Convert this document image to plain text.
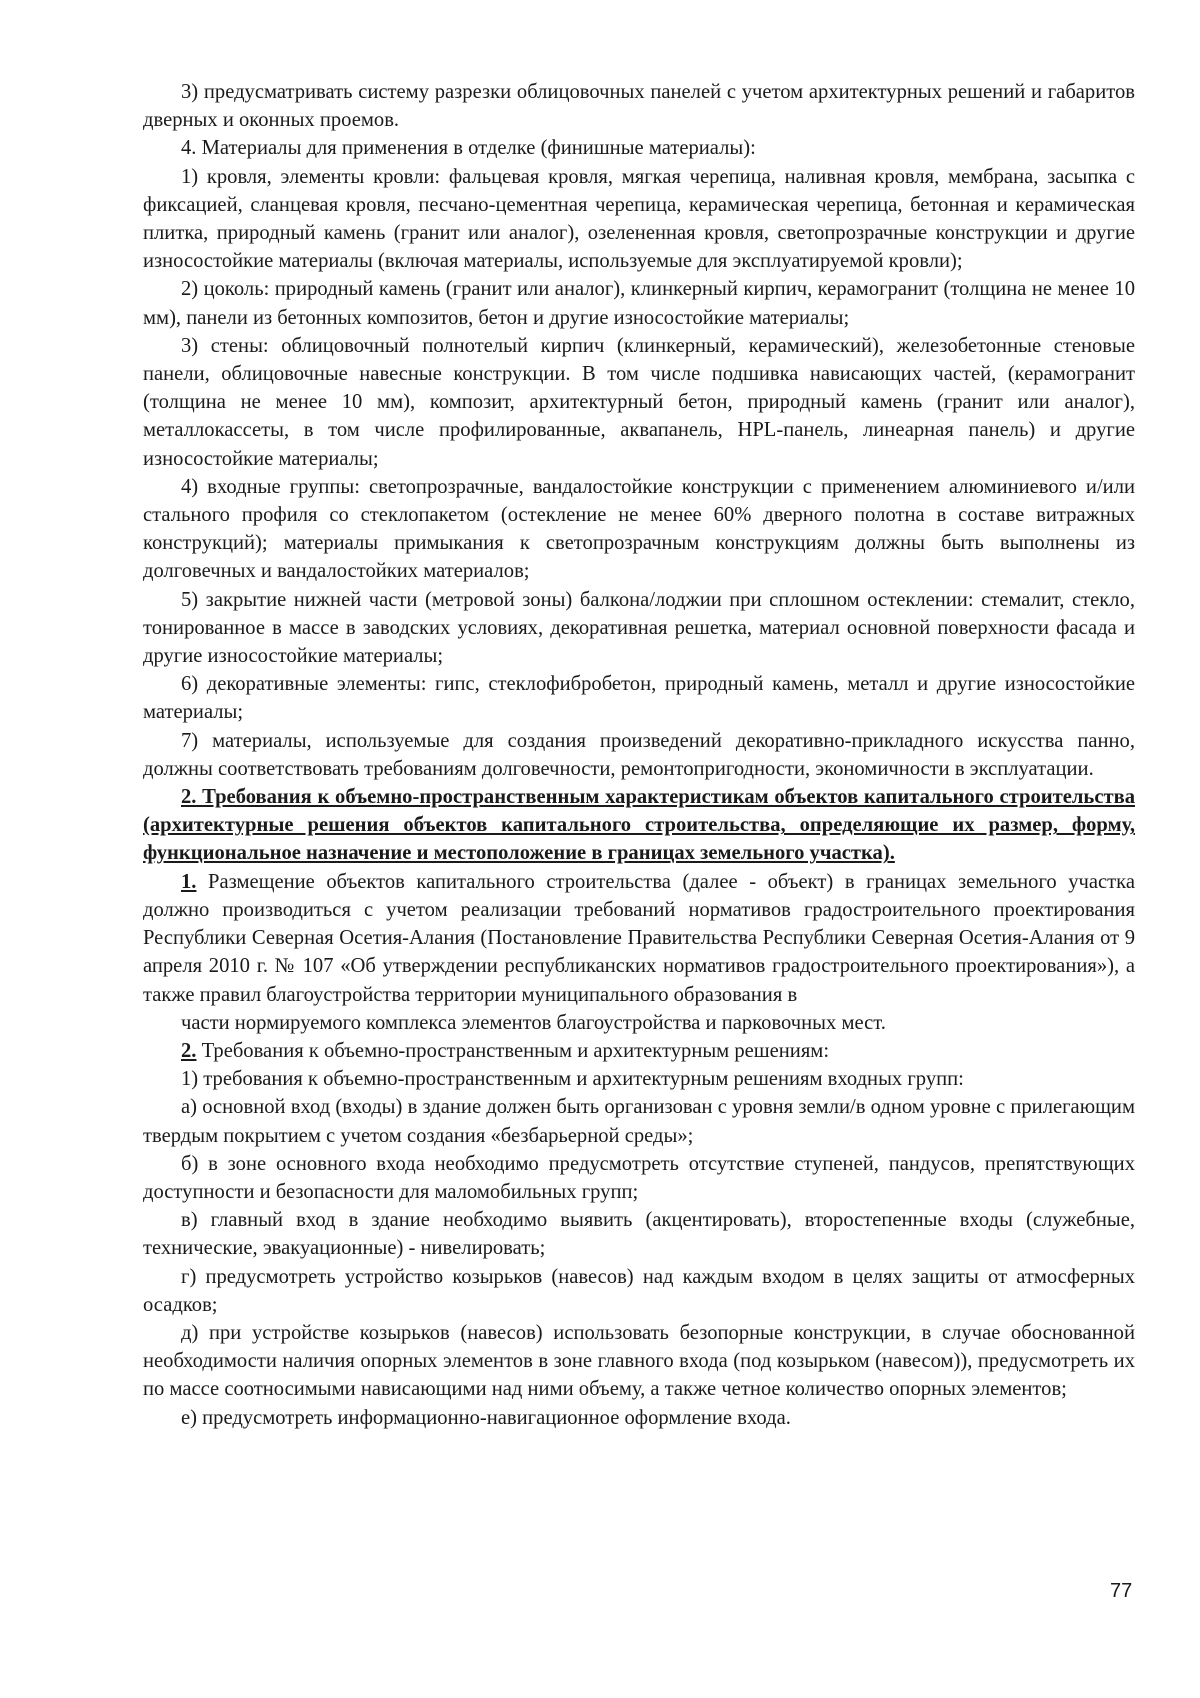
3) предусматривать систему разрезки облицовочных панелей с учетом архитектурных решений и габаритов дверных и оконных проемов.

4. Материалы для применения в отделке (финишные материалы):

1) кровля, элементы кровли: фальцевая кровля, мягкая черепица, наливная кровля, мембрана, засыпка с фиксацией, сланцевая кровля, песчано-цементная черепица, керамическая черепица, бетонная и керамическая плитка, природный камень (гранит или аналог), озелененная кровля, светопрозрачные конструкции и другие износостойкие материалы (включая материалы, используемые для эксплуатируемой кровли);

2) цоколь: природный камень (гранит или аналог), клинкерный кирпич, керамогранит (толщина не менее 10 мм), панели из бетонных композитов, бетон и другие износостойкие материалы;

3) стены: облицовочный полнотелый кирпич (клинкерный, керамический), железобетонные стеновые панели, облицовочные навесные конструкции. В том числе подшивка нависающих частей, (керамогранит (толщина не менее 10 мм), композит, архитектурный бетон, природный камень (гранит или аналог), металлокассеты, в том числе профилированные, аквапанель, HPL-панель, линеарная панель) и другие износостойкие материалы;

4) входные группы: светопрозрачные, вандалостойкие конструкции с применением алюминиевого и/или стального профиля со стеклопакетом (остекление не менее 60% дверного полотна в составе витражных конструкций); материалы примыкания к светопрозрачным конструкциям должны быть выполнены из долговечных и вандалостойких материалов;

5) закрытие нижней части (метровой зоны) балкона/лоджии при сплошном остеклении: стемалит, стекло, тонированное в массе в заводских условиях, декоративная решетка, материал основной поверхности фасада и другие износостойкие материалы;

6) декоративные элементы: гипс, стеклофибробетон, природный камень, металл и другие износостойкие материалы;

7) материалы, используемые для создания произведений декоративно-прикладного искусства панно, должны соответствовать требованиям долговечности, ремонтопригодности, экономичности в эксплуатации.

2. Требования к объемно-пространственным характеристикам объектов капитального строительства (архитектурные решения объектов капитального строительства, определяющие их размер, форму, функциональное назначение и местоположение в границах земельного участка).

1. Размещение объектов капитального строительства (далее - объект) в границах земельного участка должно производиться с учетом реализации требований нормативов градостроительного проектирования Республики Северная Осетия-Алания (Постановление Правительства Республики Северная Осетия-Алания от 9 апреля 2010 г. № 107 «Об утверждении республиканских нормативов градостроительного проектирования»), а также правил благоустройства территории муниципального образования в

части нормируемого комплекса элементов благоустройства и парковочных мест.

2. Требования к объемно-пространственным и архитектурным решениям:

1) требования к объемно-пространственным и архитектурным решениям входных групп:

а) основной вход (входы) в здание должен быть организован с уровня земли/в одном уровне с прилегающим твердым покрытием с учетом создания «безбарьерной среды»;

б) в зоне основного входа необходимо предусмотреть отсутствие ступеней, пандусов, препятствующих доступности и безопасности для маломобильных групп;

в) главный вход в здание необходимо выявить (акцентировать), второстепенные входы (служебные, технические, эвакуационные) - нивелировать;

г) предусмотреть устройство козырьков (навесов) над каждым входом в целях защиты от атмосферных осадков;

д) при устройстве козырьков (навесов) использовать безопорные конструкции, в случае обоснованной необходимости наличия опорных элементов в зоне главного входа (под козырьком (навесом)), предусмотреть их по массе соотносимыми нависающими над ними объему, а также четное количество опорных элементов;

е) предусмотреть информационно-навигационное оформление входа.

77
